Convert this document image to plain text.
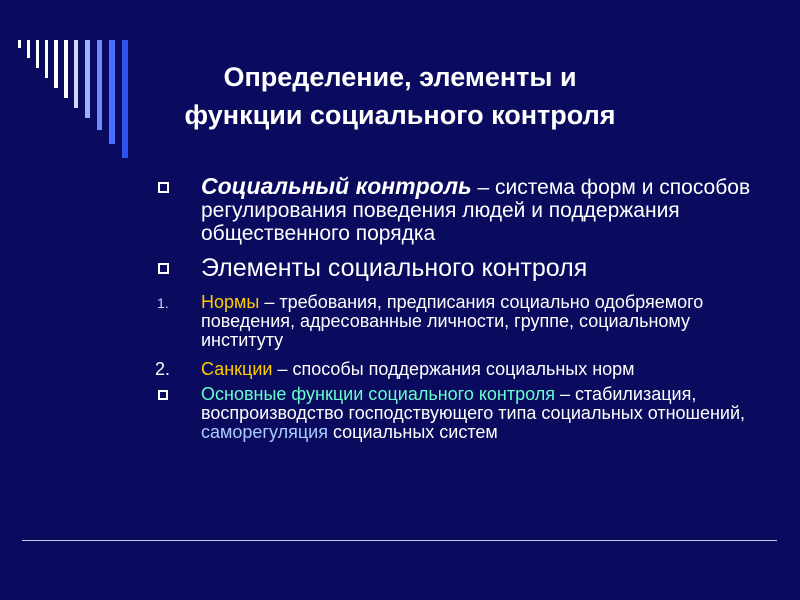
Определение, элементы и
функции социального контроля
Социальный контроль – система форм и способов регулирования поведения людей и поддержания общественного порядка
Элементы социального контроля
1. Нормы – требования, предписания социально одобряемого поведения, адресованные личности, группе, социальному институту
2. Санкции – способы поддержания социальных норм
Основные функции социального контроля – стабилизация, воспроизводство господствующего типа социальных отношений, саморегуляция социальных систем
